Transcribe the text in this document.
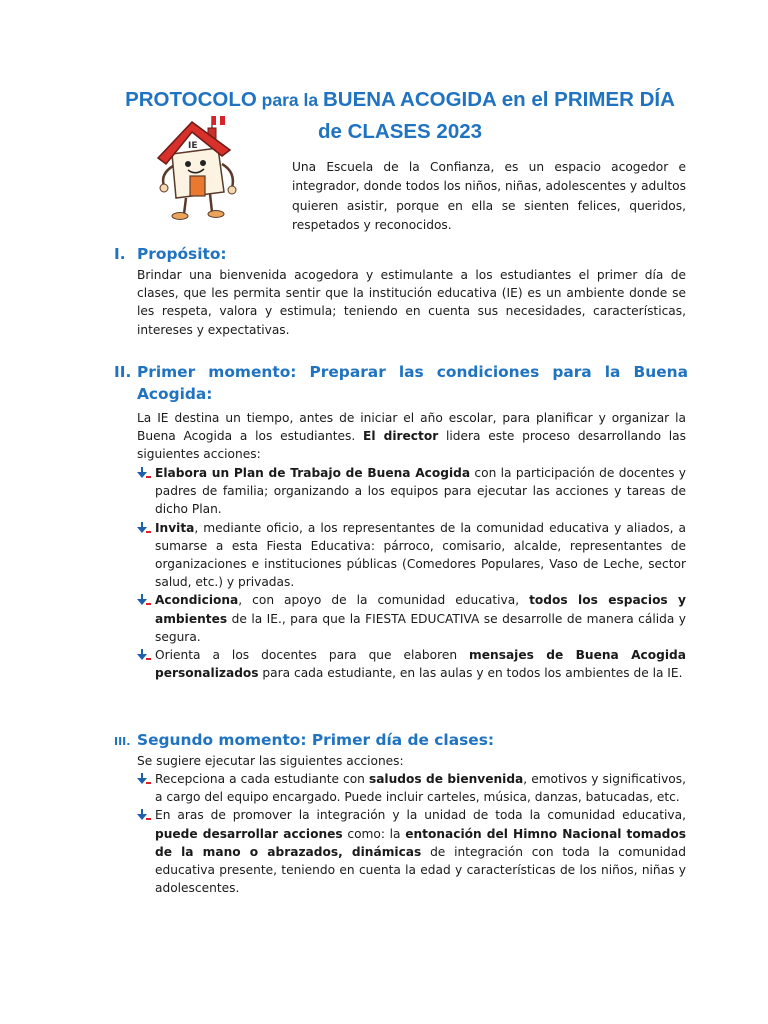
PROTOCOLO para la BUENA ACOGIDA en el PRIMER DÍA
de CLASES 2023
IE
Una Escuela de la Confianza, es un espacio acogedor e integrador, donde todos los niños, niñas, adolescentes y adultos quieren asistir, porque en ella se sienten felices, queridos, respetados y reconocidos.
I. Propósito:
Brindar una bienvenida acogedora y estimulante a los estudiantes el primer día de clases, que les permita sentir que la institución educativa (IE) es un ambiente donde se les respeta, valora y estimula; teniendo en cuenta sus necesidades, características, intereses y expectativas.
II. Primer momento: Preparar las condiciones para la Buena
Acogida:
La IE destina un tiempo, antes de iniciar el año escolar, para planificar y organizar la Buena Acogida a los estudiantes. El director lidera este proceso desarrollando las siguientes acciones:
Elabora un Plan de Trabajo de Buena Acogida con la participación de docentes y padres de familia; organizando a los equipos para ejecutar las acciones y tareas de dicho Plan.
Invita, mediante oficio, a los representantes de la comunidad educativa y aliados, a sumarse a esta Fiesta Educativa: párroco, comisario, alcalde, representantes de organizaciones e instituciones públicas (Comedores Populares, Vaso de Leche, sector salud, etc.) y privadas.
Acondiciona, con apoyo de la comunidad educativa, todos los espacios y ambientes de la IE., para que la FIESTA EDUCATIVA se desarrolle de manera cálida y segura.
Orienta a los docentes para que elaboren mensajes de Buena Acogida personalizados para cada estudiante, en las aulas y en todos los ambientes de la IE.
III. Segundo momento: Primer día de clases:
Se sugiere ejecutar las siguientes acciones:
Recepciona a cada estudiante con saludos de bienvenida, emotivos y significativos, a cargo del equipo encargado. Puede incluir carteles, música, danzas, batucadas, etc.
En aras de promover la integración y la unidad de toda la comunidad educativa, puede desarrollar acciones como: la entonación del Himno Nacional tomados de la mano o abrazados, dinámicas de integración con toda la comunidad educativa presente, teniendo en cuenta la edad y características de los niños, niñas y adolescentes.
